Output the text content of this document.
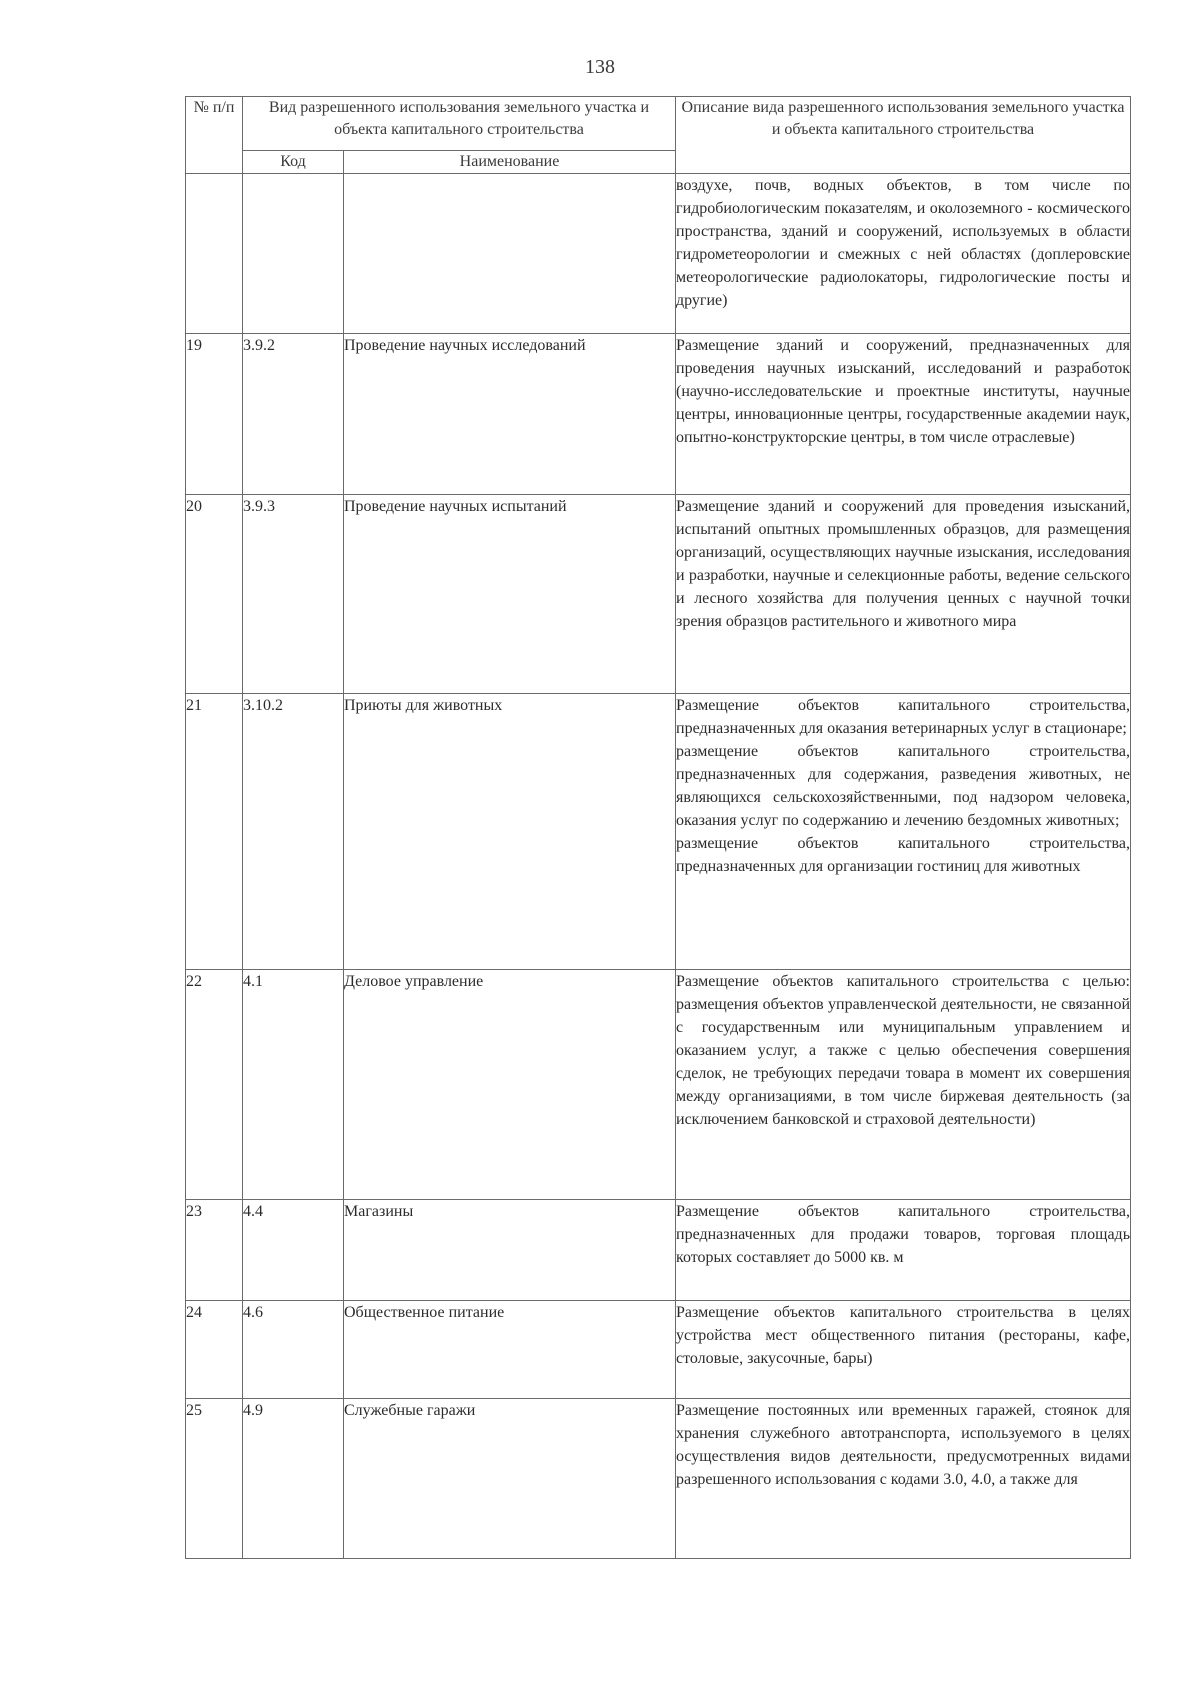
138
№ п/п	Вид разрешенного использования земельного участка и объекта капитального строительства		Описание вида разрешенного использования земельного участка и объекта капитального строительства
	Код	Наименование	

			воздухе, почв, водных объектов, в том числе по гидробиологическим показателям, и околоземного - космического пространства, зданий и сооружений, используемых в области гидрометеорологии и смежных с ней областях (доплеровские метеорологические радиолокаторы, гидрологические посты и другие)

19	3.9.2	Проведение научных исследований	Размещение зданий и сооружений, предназначенных для проведения научных изысканий, исследований и разработок (научно-исследовательские и проектные институты, научные центры, инновационные центры, государственные академии наук, опытно-конструкторские центры, в том числе отраслевые)

20	3.9.3	Проведение научных испытаний	Размещение зданий и сооружений для проведения изысканий, испытаний опытных промышленных образцов, для размещения организаций, осуществляющих научные изыскания, исследования и разработки, научные и селекционные работы, ведение сельского и лесного хозяйства для получения ценных с научной точки зрения образцов растительного и животного мира

21	3.10.2	Приюты для животных	Размещение объектов капитального строительства, предназначенных для оказания ветеринарных услуг в стационаре;
размещение объектов капитального строительства, предназначенных для содержания, разведения животных, не являющихся сельскохозяйственными, под надзором человека, оказания услуг по содержанию и лечению бездомных животных;
размещение объектов капитального строительства, предназначенных для организации гостиниц для животных

22	4.1	Деловое управление	Размещение объектов капитального строительства с целью: размещения объектов управленческой деятельности, не связанной с государственным или муниципальным управлением и оказанием услуг, а также с целью обеспечения совершения сделок, не требующих передачи товара в момент их совершения между организациями, в том числе биржевая деятельность (за исключением банковской и страховой деятельности)

23	4.4	Магазины	Размещение объектов капитального строительства, предназначенных для продажи товаров, торговая площадь которых составляет до 5000 кв. м

24	4.6	Общественное питание	Размещение объектов капитального строительства в целях устройства мест общественного питания (рестораны, кафе, столовые, закусочные, бары)

25	4.9	Служебные гаражи	Размещение постоянных или временных гаражей, стоянок для хранения служебного автотранспорта, используемого в целях осуществления видов деятельности, предусмотренных видами разрешенного использования с кодами 3.0, 4.0, а также для
